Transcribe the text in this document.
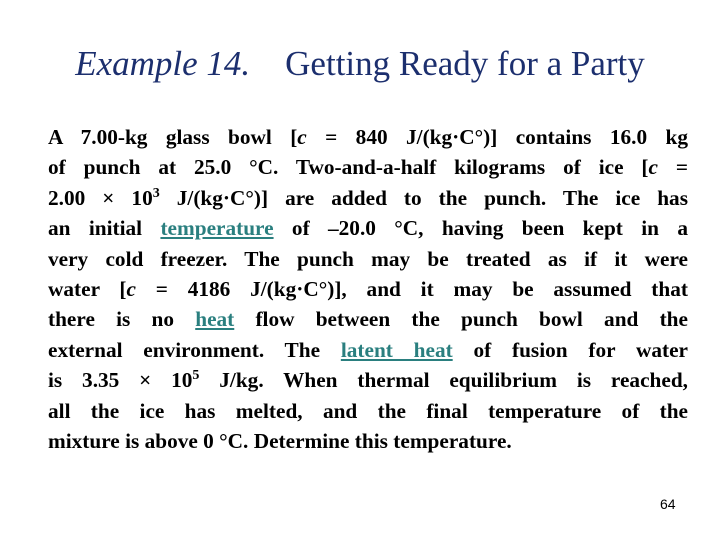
Example 14. Getting Ready for a Party
A 7.00-kg glass bowl [c = 840 J/(kg·C°)] contains 16.0 kg
of punch at 25.0 °C. Two-and-a-half kilograms of ice [c =
$2.00 \times 10^3$ J/(kg·C°)] are added to the punch. The ice has
an initial temperature of –20.0 °C, having been kept in a
very cold freezer. The punch may be treated as if it were
water [c = 4186 J/(kg·C°)], and it may be assumed that
there is no heat flow between the punch bowl and the
external environment. The latent heat of fusion for water
is $3.35 \times 10^5$ J/kg. When thermal equilibrium is reached,
all the ice has melted, and the final temperature of the
mixture is above 0 °C. Determine this temperature.
64
